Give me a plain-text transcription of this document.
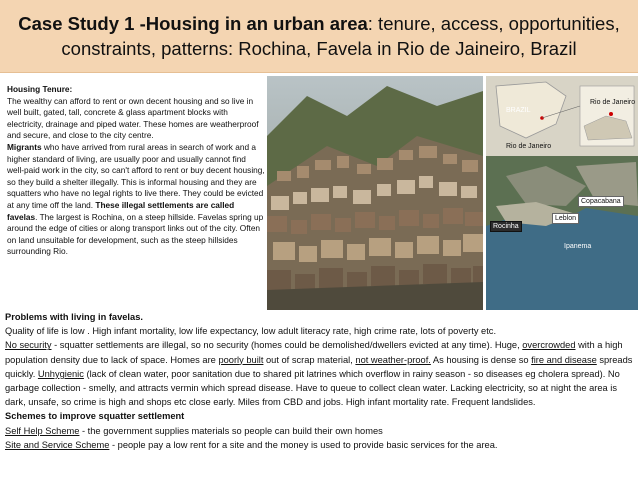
Case Study 1 -Housing in an urban area: tenure, access, opportunities, constraints, patterns: Rochina, Favela in Rio de Jaineiro, Brazil

Housing Tenure:
The wealthy can afford to rent or own decent housing and so live in well built, gated, tall, concrete & glass apartment blocks with electricity, drainage and piped water. These homes are weatherproof and secure, and close to the city centre.
Migrants who have arrived from rural areas in search of work and a higher standard of living, are usually poor and usually cannot find well-paid work in the city, so can't afford to rent or buy decent housing, so they build a shelter illegally. This is informal housing and they are squatters who have no legal rights to live there. They could be evicted at any time off the land. These illegal settlements are called favelas. The largest is Rochina, on a steep hillside. Favelas spring up around the edge of cities or along transport links out of the city. Often on land unsuitable for development, such as the steep hillsides surrounding Rio.

BRAZIL
Rio de Janeiro
Rio de Janeiro
Copacabana
Rocinha
Leblon
Ipanema

Problems with living in favelas.

Quality of life is low . High infant mortality, low life expectancy, low adult literacy rate, high crime rate, lots of poverty etc.

No security - squatter settlements are illegal, so no security (homes could be demolished/dwellers evicted at any time). Huge, overcrowded with a high population density due to lack of space. Homes are poorly built out of scrap material, not weather-proof. As housing is dense so fire and disease spreads quickly. Unhygienic (lack of clean water, poor sanitation due to shared pit latrines which overflow in rainy season - so diseases eg cholera spread). No garbage collection - smelly, and attracts vermin which spread disease. Have to queue to collect clean water. Lacking electricity, so at night the area is dark, unsafe, so crime is high and shops etc close early. Miles from CBD and jobs. High infant mortality rate. Frequent landslides.

Schemes to improve squatter settlement

Self Help Scheme - the government supplies materials so people can build their own homes

Site and Service Scheme - people pay a low rent for a site and the money is used to provide basic services for the area.
